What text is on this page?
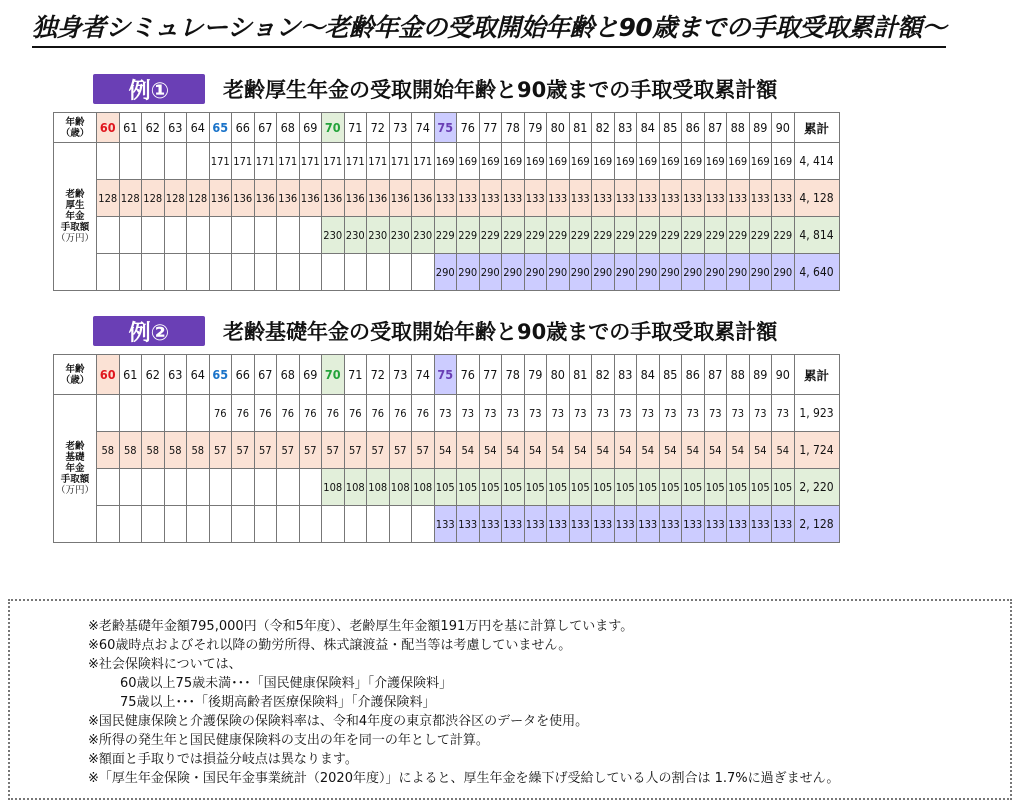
独身者シミュレーション～老齢年金の受取開始年齢と90歳までの手取受取累計額～
例①	老齢厚生年金の受取開始年齢と90歳までの手取受取累計額
年齢
（歳）	60	61	62	63	64	65	66	67	68	69	70	71	72	73	74	75	76	77	78	79	80	81	82	83	84	85	86	87	88	89	90	累計

老齢
厚生
年金
手取額
（万円）						171	171	171	171	171	171	171	171	171	171	169	169	169	169	169	169	169	169	169	169	169	169	169	169	169	169	4, 414
	128	128	128	128	128	136	136	136	136	136	136	136	136	136	136	133	133	133	133	133	133	133	133	133	133	133	133	133	133	133	133	4, 128
											230	230	230	230	230	229	229	229	229	229	229	229	229	229	229	229	229	229	229	229	229	4, 814
																290	290	290	290	290	290	290	290	290	290	290	290	290	290	290	290	4, 640
例②	老齢基礎年金の受取開始年齢と90歳までの手取受取累計額
年齢
（歳）	60	61	62	63	64	65	66	67	68	69	70	71	72	73	74	75	76	77	78	79	80	81	82	83	84	85	86	87	88	89	90	累計

老齢
基礎
年金
手取額
（万円）						76	76	76	76	76	76	76	76	76	76	73	73	73	73	73	73	73	73	73	73	73	73	73	73	73	73	1, 923
	58	58	58	58	58	57	57	57	57	57	57	57	57	57	57	54	54	54	54	54	54	54	54	54	54	54	54	54	54	54	54	1, 724
											108	108	108	108	108	105	105	105	105	105	105	105	105	105	105	105	105	105	105	105	105	2, 220
																133	133	133	133	133	133	133	133	133	133	133	133	133	133	133	133	2, 128
※老齢基礎年金額795,000円（令和5年度）、老齢厚生年金額191万円を基に計算しています。
※60歳時点およびそれ以降の勤労所得、株式譲渡益・配当等は考慮していません。
※社会保険料については、
60歳以上75歳未満･･･「国民健康保険料」「介護保険料」
75歳以上･･･「後期高齢者医療保険料」「介護保険料」
※国民健康保険と介護保険の保険料率は、令和4年度の東京都渋谷区のデータを使用。
※所得の発生年と国民健康保険料の支出の年を同一の年として計算。
※額面と手取りでは損益分岐点は異なります。
※「厚生年金保険・国民年金事業統計（2020年度）」によると、厚生年金を繰下げ受給している人の割合は 1.7%に過ぎません。
